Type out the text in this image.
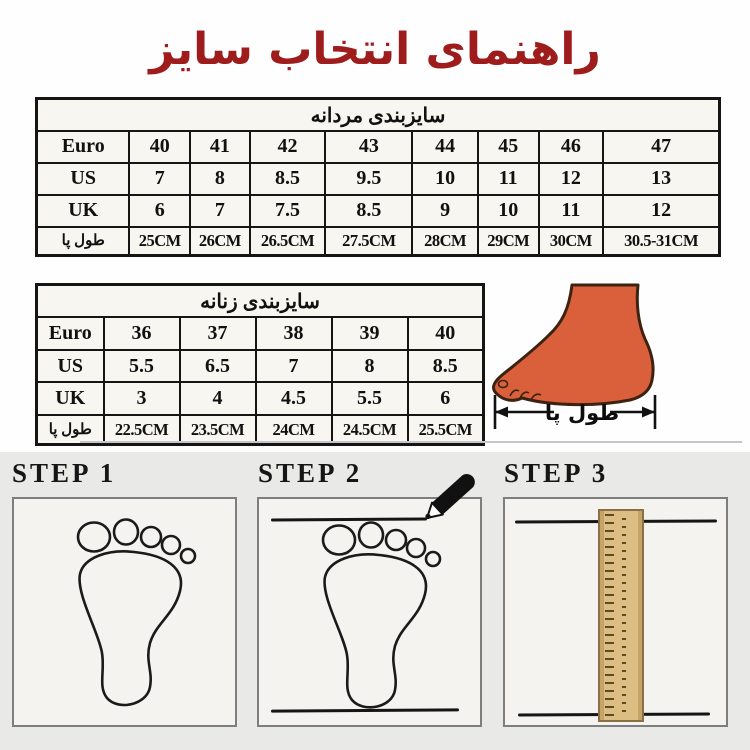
راهنمای انتخاب سایز
سایزبندی مردانه								
Euro	40	41	42	43	44	45	46	47
US	7	8	8.5	9.5	10	11	12	13
UK	6	7	7.5	8.5	9	10	11	12
طول پا	25CM	26CM	26.5CM	27.5CM	28CM	29CM	30CM	30.5-31CM
سایزبندی زنانه					
Euro	36	37	38	39	40
US	5.5	6.5	7	8	8.5
UK	3	4	4.5	5.5	6
طول پا	22.5CM	23.5CM	24CM	24.5CM	25.5CM
طول پا
STEP 1	STEP 2	STEP 3
